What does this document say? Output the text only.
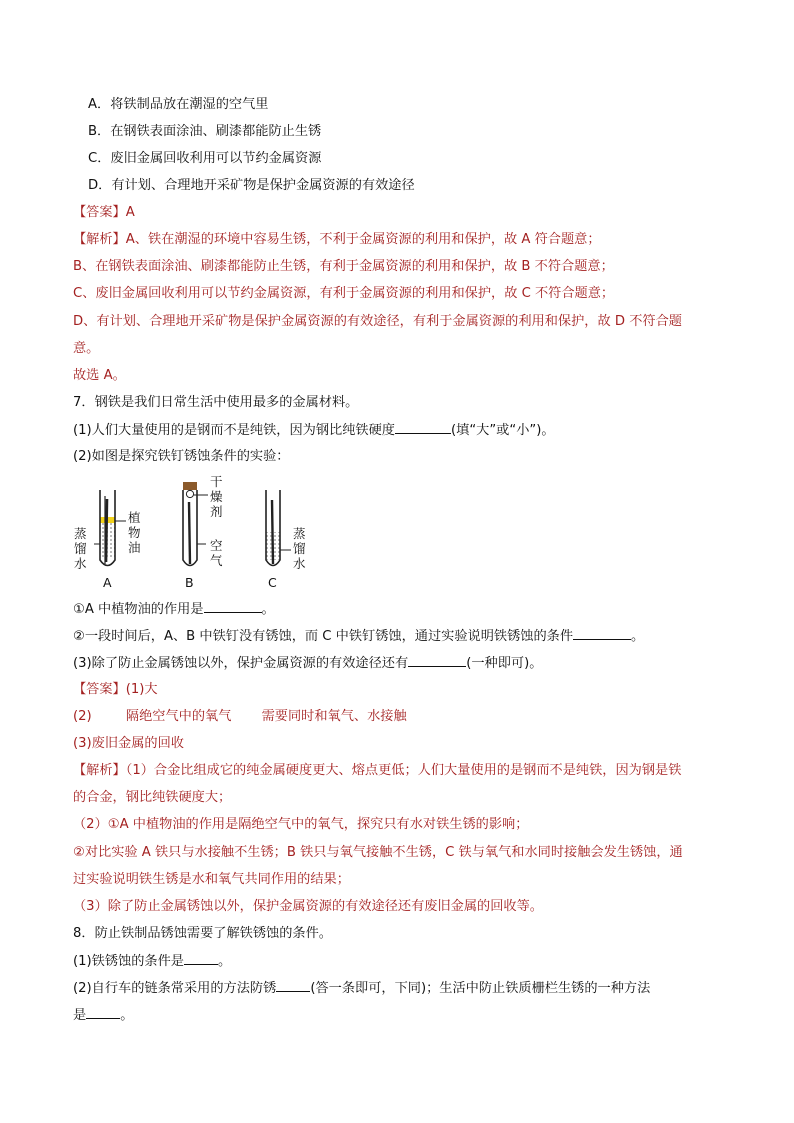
A．将铁制品放在潮湿的空气里
B．在钢铁表面涂油、刷漆都能防止生锈
C．废旧金属回收利用可以节约金属资源
D．有计划、合理地开采矿物是保护金属资源的有效途径
【答案】A
【解析】A、铁在潮湿的环境中容易生锈，不利于金属资源的利用和保护，故 A 符合题意；
B、在钢铁表面涂油、刷漆都能防止生锈，有利于金属资源的利用和保护，故 B 不符合题意；
C、废旧金属回收利用可以节约金属资源，有利于金属资源的利用和保护，故 C 不符合题意；
D、有计划、合理地开采矿物是保护金属资源的有效途径，有利于金属资源的利用和保护，故 D 不符合题
意。
故选 A。
7．钢铁是我们日常生活中使用最多的金属材料。
(1)人们大量使用的是钢而不是纯铁，因为钢比纯铁硬度	(填“大”或“小”)。
(2)如图是探究铁钉锈蚀条件的实验：
植
物
油
蒸
馏
水
干
燥
剂
空
气
蒸
馏
水
A	B	C
①A 中植物油的作用是	。
②一段时间后，A、B 中铁钉没有锈蚀，而 C 中铁钉锈蚀，通过实验说明铁锈蚀的条件	。
(3)除了防止金属锈蚀以外，保护金属资源的有效途径还有	(一种即可)。
【答案】(1)大
(2)	隔绝空气中的氧气 需要同时和氧气、水接触
(3)废旧金属的回收
【解析】（1）合金比组成它的纯金属硬度更大、熔点更低；人们大量使用的是钢而不是纯铁，因为钢是铁
的合金，钢比纯铁硬度大；
（2）①A 中植物油的作用是隔绝空气中的氧气，探究只有水对铁生锈的影响；
②对比实验 A 铁只与水接触不生锈；B 铁只与氧气接触不生锈，C 铁与氧气和水同时接触会发生锈蚀，通
过实验说明铁生锈是水和氧气共同作用的结果；
（3）除了防止金属锈蚀以外，保护金属资源的有效途径还有废旧金属的回收等。
8．防止铁制品锈蚀需要了解铁锈蚀的条件。
(1)铁锈蚀的条件是	。
(2)自行车的链条常采用的方法防锈	(答一条即可，下同)；生活中防止铁质栅栏生锈的一种方法
是	。
